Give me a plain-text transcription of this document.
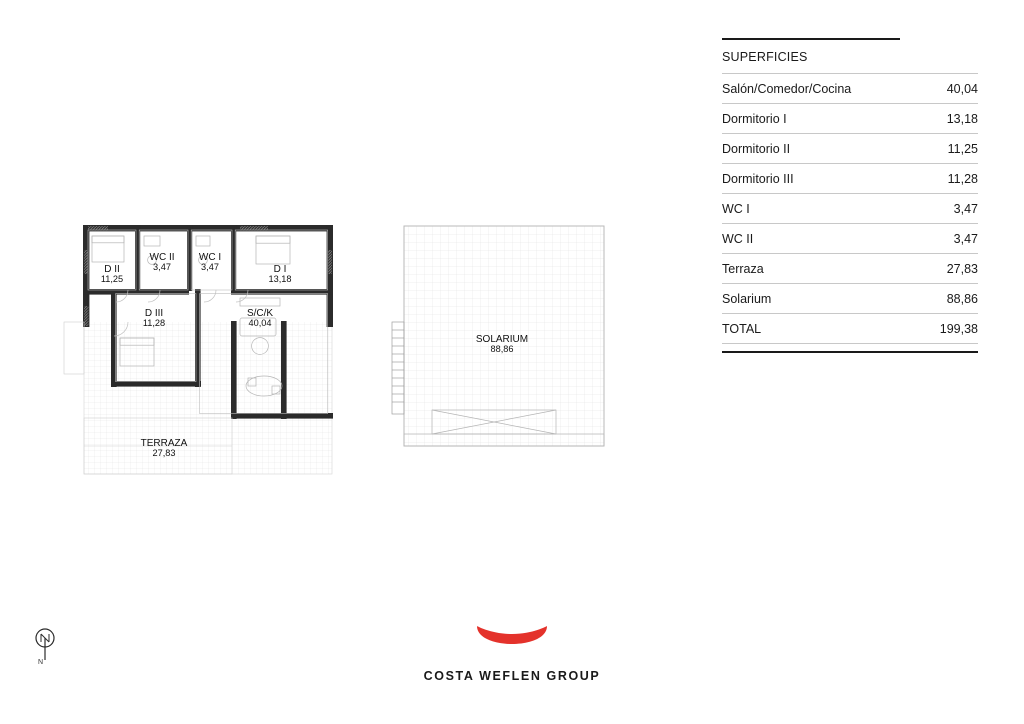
SUPERFICIES
Salón/Comedor/Cocina	40,04
Dormitorio I	13,18
Dormitorio II	11,25
Dormitorio III	11,28
WC I	3,47
WC II	3,47
Terraza	27,83
Solarium	88,86
TOTAL	199,38
D II
11,25
WC II
3,47
WC I
3,47	D I
13,18
D III
11,28
S/C/K
40,04
TERRAZA
27,83
SOLARIUM
88,86
N
COSTA WEFLEN GROUP
